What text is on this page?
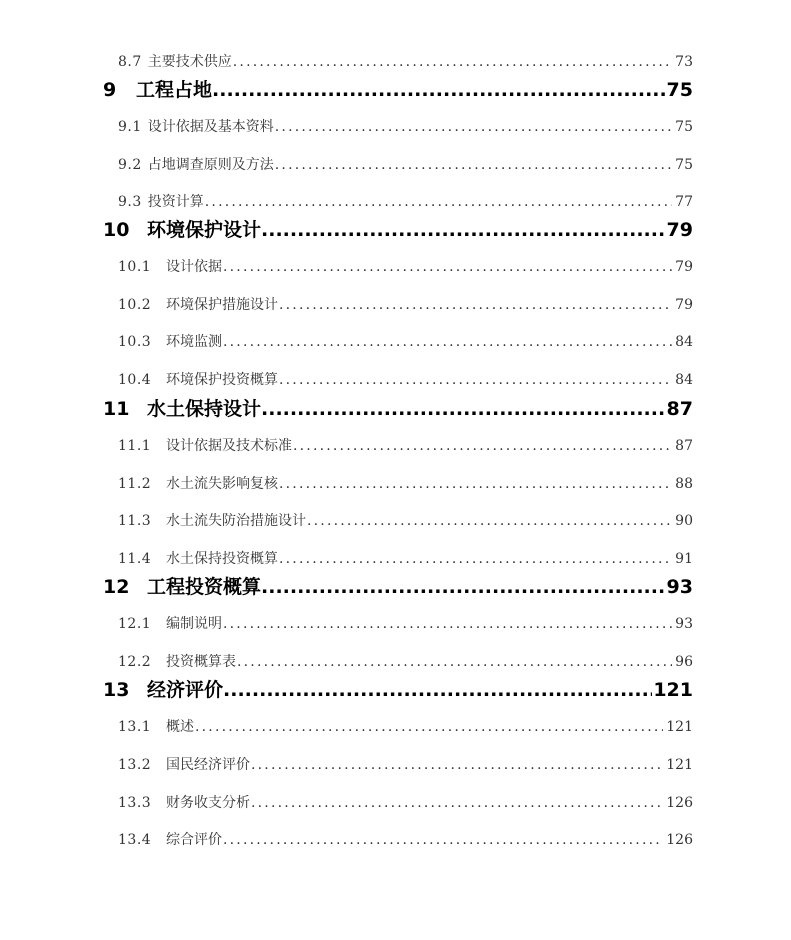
8.7 主要技术供应 .....	73
9	工程占地 .....	75
9.1 设计依据及基本资料 .....	75
9.2 占地调查原则及方法 .....	75
9.3 投资计算 .....	77
10 环境保护设计 .....	79
10.1	设计依据 .....	79
10.2	环境保护措施设计 .....	79
10.3	环境监测 .....	84
10.4	环境保护投资概算 .....	84
11 水土保持设计 .....	87
11.1	设计依据及技术标准 .....	87
11.2	水土流失影响复核 .....	88
11.3	水土流失防治措施设计 .....	90
11.4	水土保持投资概算 .....	91
12 工程投资概算 .....	93
12.1	编制说明 .....	93
12.2	投资概算表 .....	96
13 经济评价 .....	121
13.1	概述 .....	121
13.2	国民经济评价 .....	121
13.3	财务收支分析 .....	126
13.4	综合评价 .....	126
